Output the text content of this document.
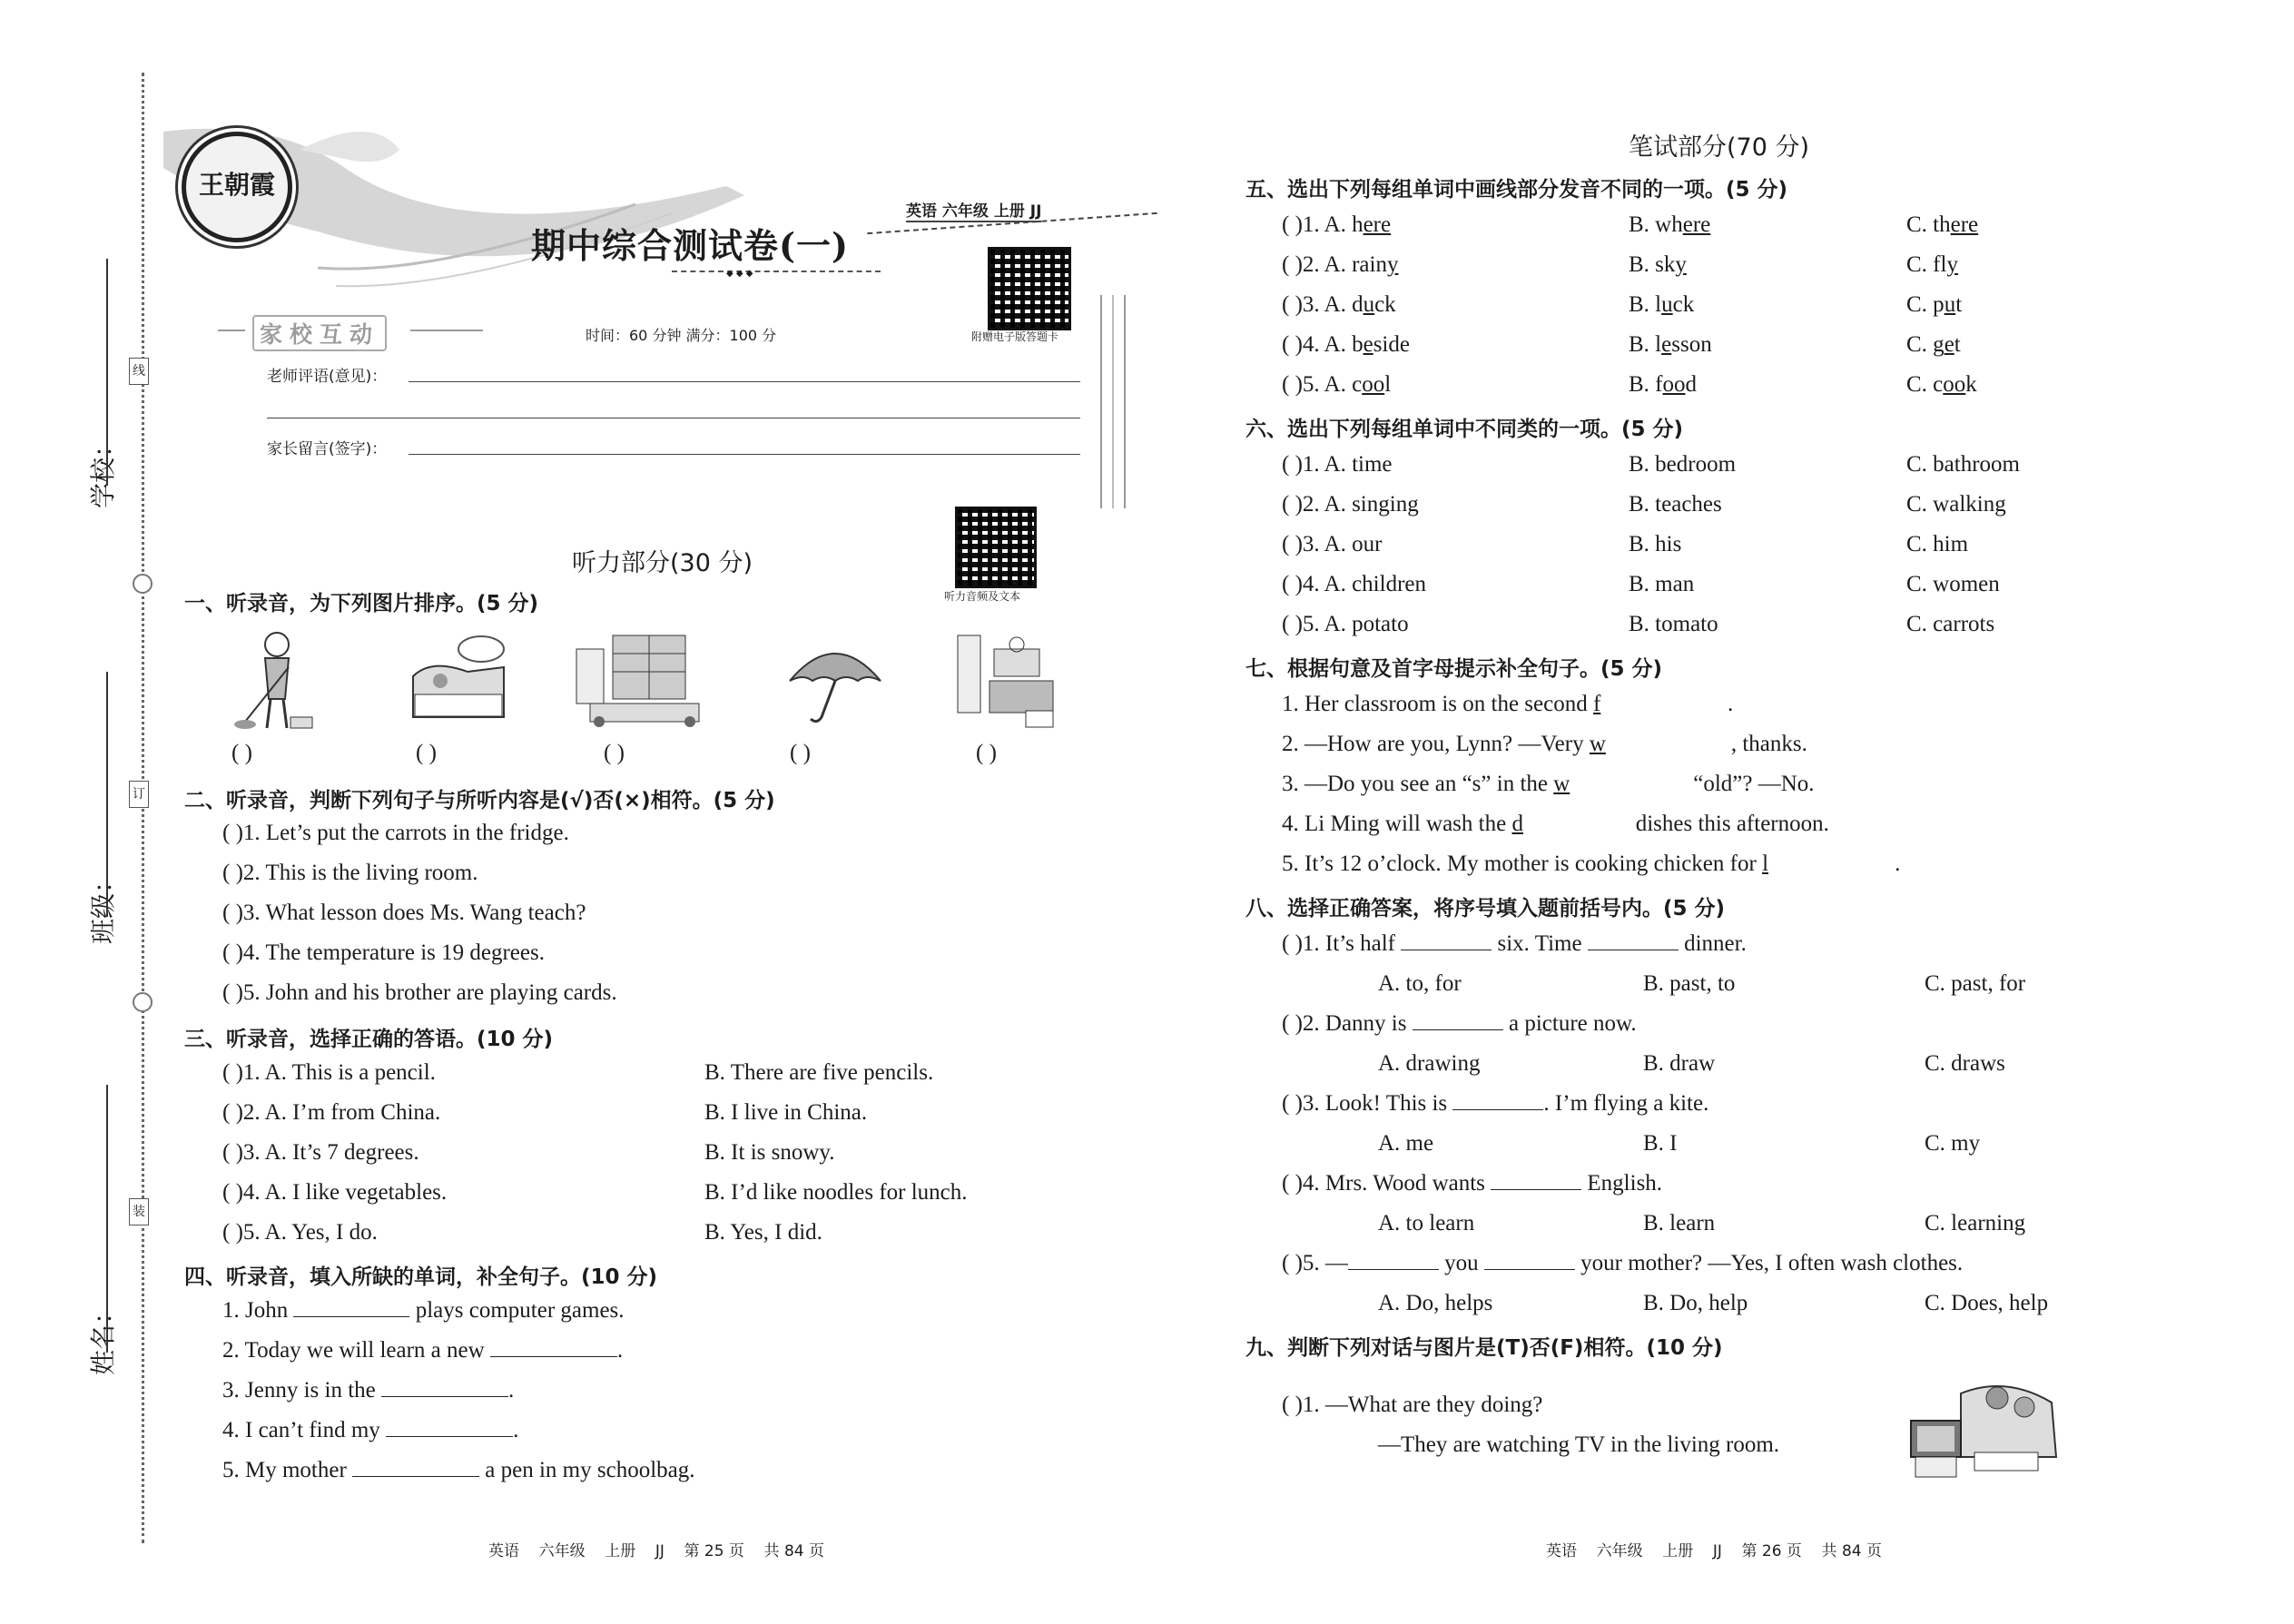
学校：
班级：
姓名：
线
订
装
王朝霞
期中综合测试卷(一)
◆ ◆ ◆
英语 六年级 上册 JJ
附赠电子版答题卡
家校互动	时间：60 分钟 满分：100 分
老师评语(意见)：
家长留言(签字)：
听力部分(30 分)
听力音频及文本
一、听录音，为下列图片排序。(5 分)
( )	( )	( )	( )	( )
二、听录音，判断下列句子与所听内容是(√)否(×)相符。(5 分)
( )1. Let’s put the carrots in the fridge.
( )2. This is the living room.
( )3. What lesson does Ms. Wang teach?
( )4. The temperature is 19 degrees.
( )5. John and his brother are playing cards.
三、听录音，选择正确的答语。(10 分)
( )1. A. This is a pencil.	B. There are five pencils.
( )2. A. I’m from China.	B. I live in China.
( )3. A. It’s 7 degrees.	B. It is snowy.
( )4. A. I like vegetables.	B. I’d like noodles for lunch.
( )5. A. Yes, I do.	B. Yes, I did.
四、听录音，填入所缺的单词，补全句子。(10 分)
1. John	plays computer games.
2. Today we will learn a new	.
3. Jenny is in the	.
4. I can’t find my	.
5. My mother	a pen in my schoolbag.
英语    六年级    上册    JJ    第 25 页    共 84 页
笔试部分(70 分)
五、选出下列每组单词中画线部分发音不同的一项。(5 分)
( )1. A. here	B. where	C. there
( )2. A. rainy	B. sky	C. fly
( )3. A. duck	B. luck	C. put
( )4. A. beside	B. lesson	C. get
( )5. A. cool	B. food	C. cook
六、选出下列每组单词中不同类的一项。(5 分)
( )1. A. time	B. bedroom	C. bathroom
( )2. A. singing	B. teaches	C. walking
( )3. A. our	B. his	C. him
( )4. A. children	B. man	C. women
( )5. A. potato	B. tomato	C. carrots
七、根据句意及首字母提示补全句子。(5 分)
1. Her classroom is on the second f	.
2. —How are you, Lynn? —Very w	, thanks.
3. —Do you see an “s” in the w	“old”? —No.
4. Li Ming will wash the d	dishes this afternoon.
5. It’s 12 o’clock. My mother is cooking chicken for l	.
八、选择正确答案，将序号填入题前括号内。(5 分)
( )1. It’s half	six. Time	dinner.
A. to, for	B. past, to	C. past, for
( )2. Danny is	a picture now.
A. drawing	B. draw	C. draws
( )3. Look! This is	. I’m flying a kite.
A. me	B. I	C. my
( )4. Mrs. Wood wants	English.
A. to learn	B. learn	C. learning
( )5. —	you	your mother? —Yes, I often wash clothes.
A. Do, helps	B. Do, help	C. Does, help
九、判断下列对话与图片是(T)否(F)相符。(10 分)
( )1. —What are they doing?
—They are watching TV in the living room.
英语    六年级    上册    JJ    第 26 页    共 84 页
